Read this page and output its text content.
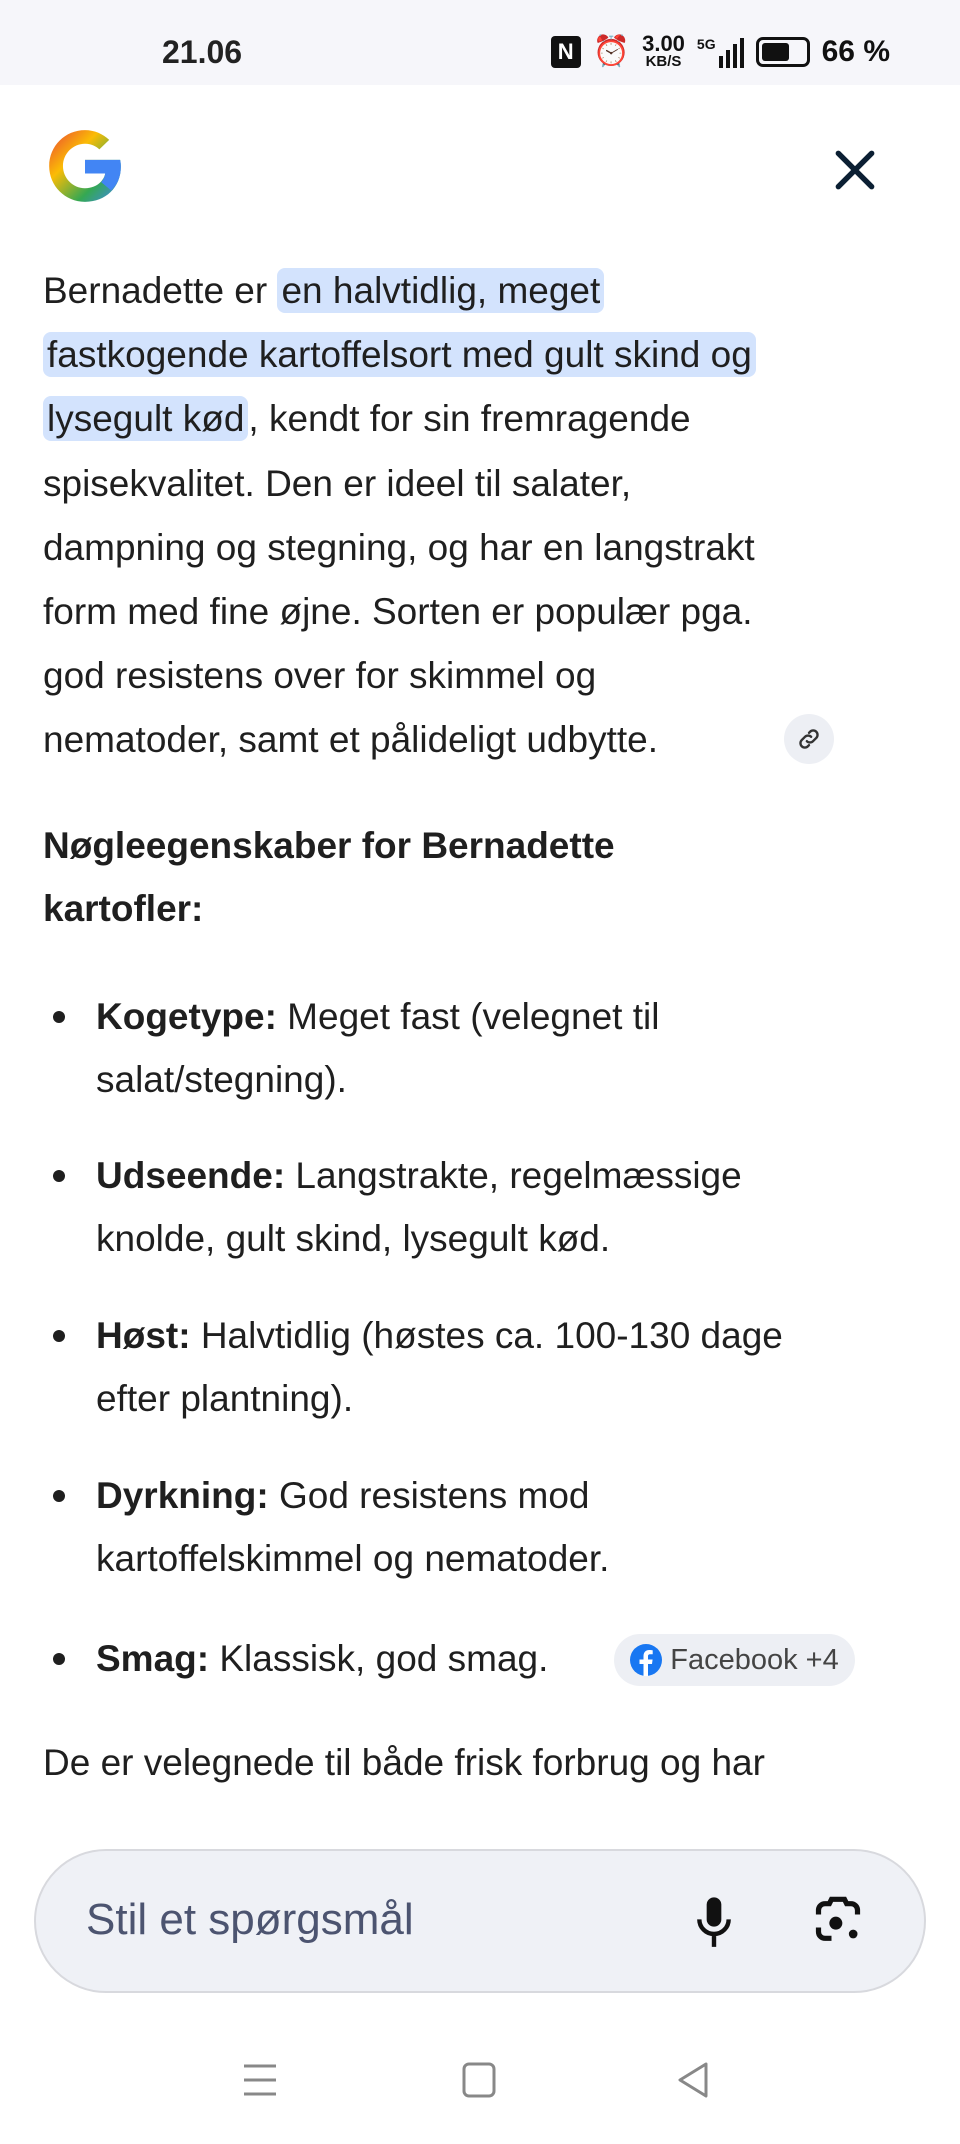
21.06	N ⏰ 3.00
KB/S
5G	66 %
Bernadette er en halvtidlig, meget
fastkogende kartoffelsort med gult skind og
lysegult kød , kendt for sin fremragende
spisekvalitet. Den er ideel til salater,
dampning og stegning, og har en langstrakt
form med fine øjne. Sorten er populær pga.
god resistens over for skimmel og
nematoder, samt et pålideligt udbytte.
Nøgleegenskaber for Bernadette
kartofler:
Kogetype: Meget fast (velegnet til
salat/stegning).
Udseende: Langstrakte, regelmæssige
knolde, gult skind, lysegult kød.
Høst: Halvtidlig (høstes ca. 100-130 dage
efter plantning).
Dyrkning: God resistens mod
kartoffelskimmel og nematoder.
Smag: Klassisk, god smag.	Facebook +4
De er velegnede til både frisk forbrug og har
Stil et spørgsmål
